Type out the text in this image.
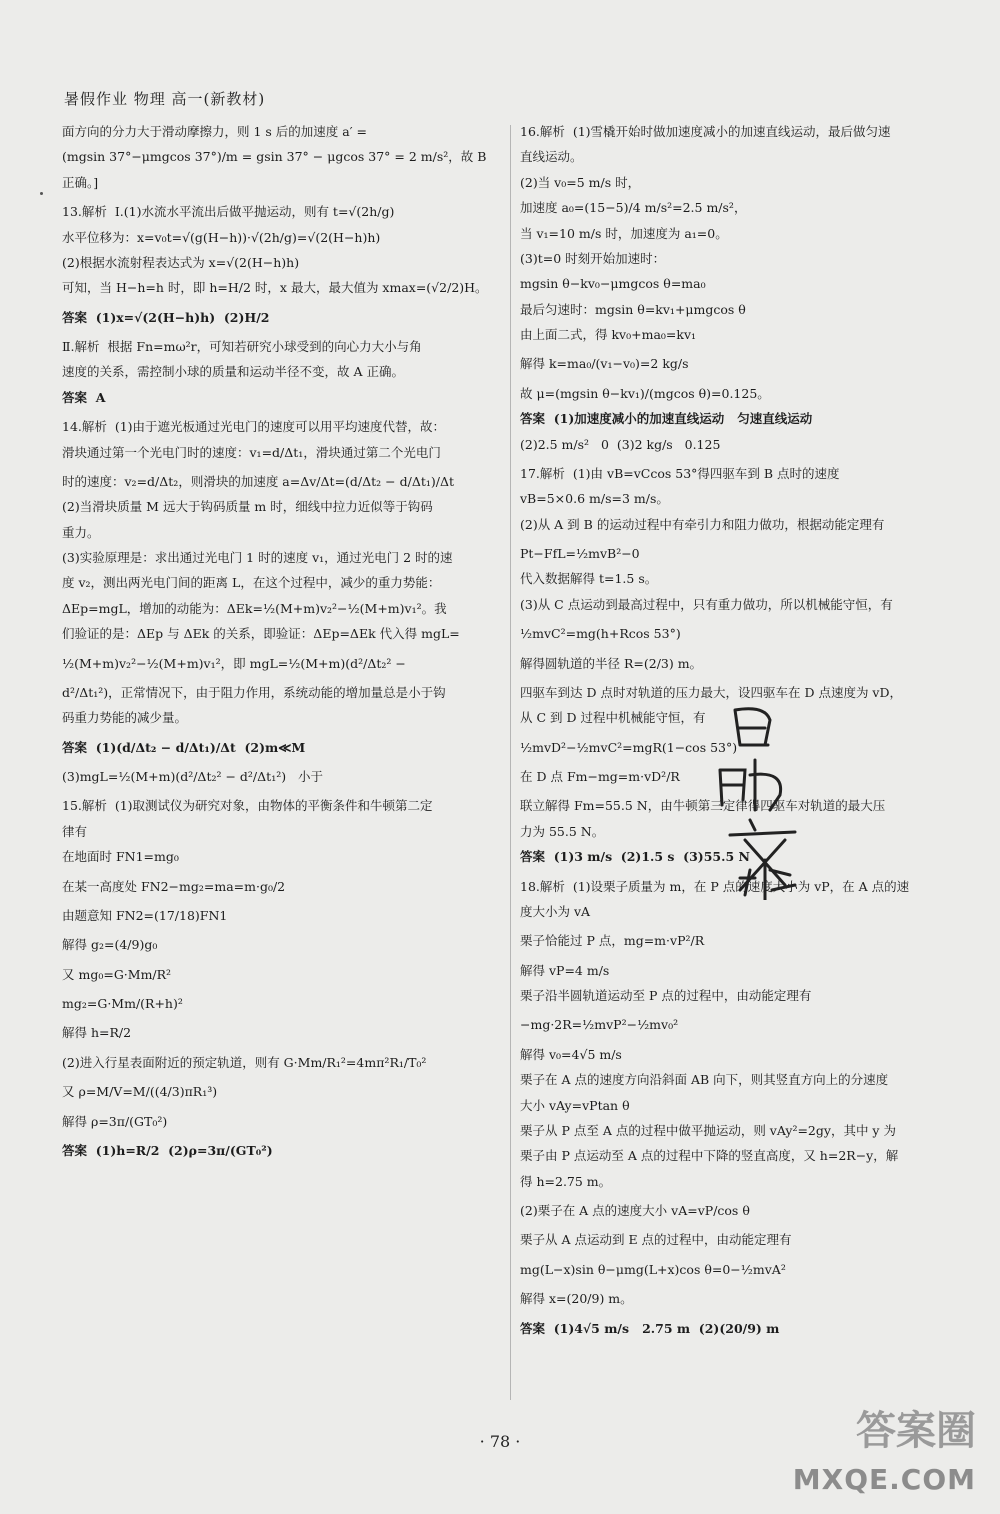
暑假作业 物理 高一(新教材)
面方向的分力大于滑动摩擦力，则 1 s 后的加速度 a′ =
(mgsin 37°−μmgcos 37°)/m = gsin 37° − μgcos 37° = 2 m/s²，故 B
正确。]
13.解析  Ⅰ.(1)水流水平流出后做平抛运动，则有 t=√(2h/g)
水平位移为：x=v₀t=√(g(H−h))·√(2h/g)=√(2(H−h)h)
(2)根据水流射程表达式为 x=√(2(H−h)h)
可知，当 H−h=h 时，即 h=H/2 时，x 最大，最大值为 xmax=(√2/2)H。
答案  (1)x=√(2(H−h)h)  (2)H/2
Ⅱ.解析  根据 Fn=mω²r，可知若研究小球受到的向心力大小与角
速度的关系，需控制小球的质量和运动半径不变，故 A 正确。
答案  A
14.解析  (1)由于遮光板通过光电门的速度可以用平均速度代替，故：
滑块通过第一个光电门时的速度：v₁=d/Δt₁，滑块通过第二个光电门
时的速度：v₂=d/Δt₂，则滑块的加速度 a=Δv/Δt=(d/Δt₂ − d/Δt₁)/Δt
(2)当滑块质量 M 远大于钩码质量 m 时，细线中拉力近似等于钩码
重力。
(3)实验原理是：求出通过光电门 1 时的速度 v₁，通过光电门 2 时的速
度 v₂，测出两光电门间的距离 L，在这个过程中，减少的重力势能：
ΔEp=mgL，增加的动能为：ΔEk=½(M+m)v₂²−½(M+m)v₁²。我
们验证的是：ΔEp 与 ΔEk 的关系，即验证：ΔEp=ΔEk 代入得 mgL=
½(M+m)v₂²−½(M+m)v₁²，即 mgL=½(M+m)(d²/Δt₂² −
d²/Δt₁²)，正常情况下，由于阻力作用，系统动能的增加量总是小于钩
码重力势能的减少量。
答案  (1)(d/Δt₂ − d/Δt₁)/Δt  (2)m≪M
(3)mgL=½(M+m)(d²/Δt₂² − d²/Δt₁²)   小于
15.解析  (1)取测试仪为研究对象，由物体的平衡条件和牛顿第二定
律有
在地面时 FN1=mg₀
在某一高度处 FN2−mg₂=ma=m·g₀/2
由题意知 FN2=(17/18)FN1
解得 g₂=(4/9)g₀
又 mg₀=G·Mm/R²
mg₂=G·Mm/(R+h)²
解得 h=R/2
(2)进入行星表面附近的预定轨道，则有 G·Mm/R₁²=4mπ²R₁/T₀²
又 ρ=M/V=M/((4/3)πR₁³)
解得 ρ=3π/(GT₀²)
答案  (1)h=R/2  (2)ρ=3π/(GT₀²)
16.解析  (1)雪橇开始时做加速度减小的加速直线运动，最后做匀速
直线运动。
(2)当 v₀=5 m/s 时，
加速度 a₀=(15−5)/4 m/s²=2.5 m/s²，
当 v₁=10 m/s 时，加速度为 a₁=0。
(3)t=0 时刻开始加速时：
mgsin θ−kv₀−μmgcos θ=ma₀
最后匀速时：mgsin θ=kv₁+μmgcos θ
由上面二式，得 kv₀+ma₀=kv₁
解得 k=ma₀/(v₁−v₀)=2 kg/s
故 μ=(mgsin θ−kv₁)/(mgcos θ)=0.125。
答案  (1)加速度减小的加速直线运动   匀速直线运动
(2)2.5 m/s²   0  (3)2 kg/s   0.125
17.解析  (1)由 vB=vCcos 53°得四驱车到 B 点时的速度
vB=5×0.6 m/s=3 m/s。
(2)从 A 到 B 的运动过程中有牵引力和阻力做功，根据动能定理有
Pt−FfL=½mvB²−0
代入数据解得 t=1.5 s。
(3)从 C 点运动到最高过程中，只有重力做功，所以机械能守恒，有
½mvC²=mg(h+Rcos 53°)
解得圆轨道的半径 R=(2/3) m。
四驱车到达 D 点时对轨道的压力最大，设四驱车在 D 点速度为 vD，
从 C 到 D 过程中机械能守恒，有
½mvD²−½mvC²=mgR(1−cos 53°)
在 D 点 Fm−mg=m·vD²/R
联立解得 Fm=55.5 N，由牛顿第三定律得四驱车对轨道的最大压
力为 55.5 N。
答案  (1)3 m/s  (2)1.5 s  (3)55.5 N
18.解析  (1)设栗子质量为 m，在 P 点的速度大小为 vP，在 A 点的速
度大小为 vA
栗子恰能过 P 点，mg=m·vP²/R
解得 vP=4 m/s
栗子沿半圆轨道运动至 P 点的过程中，由动能定理有
−mg·2R=½mvP²−½mv₀²
解得 v₀=4√5 m/s
栗子在 A 点的速度方向沿斜面 AB 向下，则其竖直方向上的分速度
大小 vAy=vPtan θ
栗子从 P 点至 A 点的过程中做平抛运动，则 vAy²=2gy，其中 y 为
栗子由 P 点运动至 A 点的过程中下降的竖直高度，又 h=2R−y，解
得 h=2.75 m。
(2)栗子在 A 点的速度大小 vA=vP/cos θ
栗子从 A 点运动到 E 点的过程中，由动能定理有
mg(L−x)sin θ−μmg(L+x)cos θ=0−½mvA²
解得 x=(20/9) m。
答案  (1)4√5 m/s   2.75 m  (2)(20/9) m
· 78 ·	答案圈
MXQE.COM
